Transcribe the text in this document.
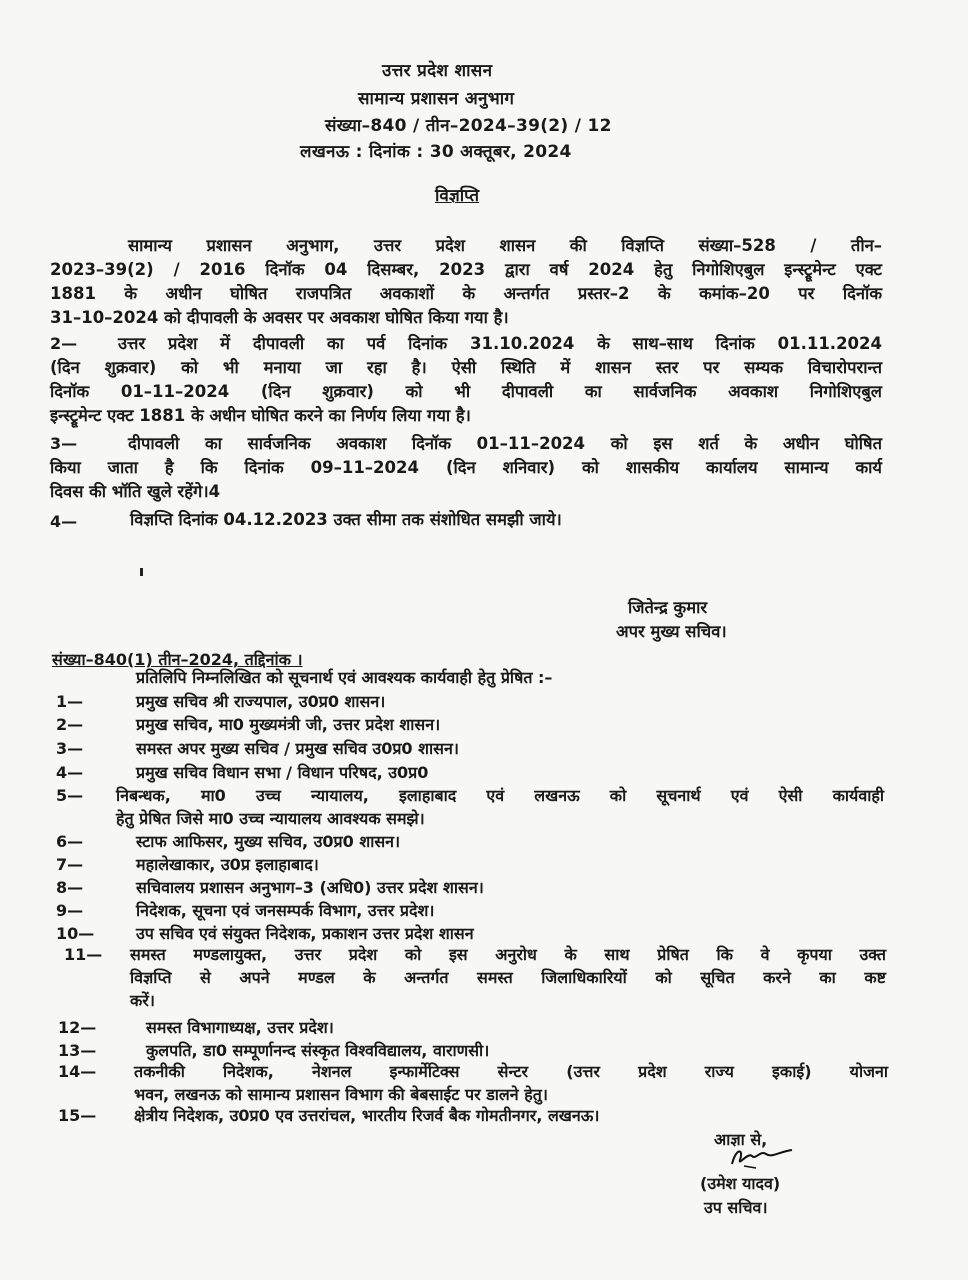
उत्तर प्रदेश शासन
सामान्य प्रशासन अनुभाग
संख्या–840 / तीन–2024–39(2) / 12
लखनऊ : दिनांक : 30 अक्तूबर, 2024
विज्ञप्ति
सामान्य प्रशासन अनुभाग, उत्तर प्रदेश शासन की विज्ञप्ति संख्या–528 / तीन–
2023–39(2) / 2016 दिनॉक 04 दिसम्बर, 2023 द्वारा वर्ष 2024 हेतु निगोशिएबुल इन्स्ट्रूमेन्ट एक्ट
1881 के अधीन घोषित राजपत्रित अवकाशों के अन्तर्गत प्रस्तर–2 के कमांक–20 पर दिनॉक
31–10–2024 को दीपावली के अवसर पर अवकाश घोषित किया गया है।
2— उत्तर प्रदेश में दीपावली का पर्व दिनांक 31.10.2024 के साथ–साथ दिनांक 01.11.2024
(दिन शुक्रवार) को भी मनाया जा रहा है। ऐसी स्थिति में शासन स्तर पर सम्यक विचारोपरान्त
दिनॉक 01–11–2024 (दिन शुक्रवार) को भी दीपावली का सार्वजनिक अवकाश निगोशिएबुल
इन्स्ट्रूमेन्ट एक्ट 1881 के अधीन घोषित करने का निर्णय लिया गया है।
3—	दीपावली का सार्वजनिक अवकाश दिनॉक 01–11–2024 को इस शर्त के अधीन घोषित
किया जाता है कि दिनांक 09–11–2024 (दिन शनिवार) को शासकीय कार्यालय सामान्य कार्य
दिवस की भॉति खुले रहेंगे।4
4—	विज्ञप्ति दिनांक 04.12.2023 उक्त सीमा तक संशोधित समझी जाये।
जितेन्द्र कुमार
अपर मुख्य सचिव।
संख्या–840(1) तीन–2024, तद्दिनांक ।
प्रतिलिपि निम्नलिखित को सूचनार्थ एवं आवश्यक कार्यवाही हेतु प्रेषित :–
1—	प्रमुख सचिव श्री राज्यपाल, उ0प्र0 शासन।
2—	प्रमुख सचिव, मा0 मुख्यमंत्री जी, उत्तर प्रदेश शासन।
3—	समस्त अपर मुख्य सचिव / प्रमुख सचिव उ0प्र0 शासन।
4—	प्रमुख सचिव विधान सभा / विधान परिषद, उ0प्र0
5— निबन्धक, मा0 उच्च न्यायालय, इलाहाबाद एवं लखनऊ को सूचनार्थ एवं ऐसी कार्यवाही
हेतु प्रेषित जिसे मा0 उच्च न्यायालय आवश्यक समझे।
6—	स्टाफ आफिसर, मुख्य सचिव, उ0प्र0 शासन।
7—	महालेखाकार, उ0प्र इलाहाबाद।
8—	सचिवालय प्रशासन अनुभाग–3 (अधि0) उत्तर प्रदेश शासन।
9—	निदेशक, सूचना एवं जनसम्पर्क विभाग, उत्तर प्रदेश।
10—	उप सचिव एवं संयुक्त निदेशक, प्रकाशन उत्तर प्रदेश शासन
11— समस्त मण्डलायुक्त, उत्तर प्रदेश को इस अनुरोध के साथ प्रेषित कि वे कृपया उक्त
विज्ञप्ति से अपने मण्डल के अन्तर्गत समस्त जिलाधिकारियों को सूचित करने का कष्ट
करें।
12—	समस्त विभागाध्यक्ष, उत्तर प्रदेश।
13—	कुलपति, डा0 सम्पूर्णानन्द संस्कृत विश्वविद्यालय, वाराणसी।
14— तकनीकी निदेशक, नेशनल इन्फार्मेटिक्स सेन्टर (उत्तर प्रदेश राज्य इकाई) योजना
भवन, लखनऊ को सामान्य प्रशासन विभाग की बेबसाईट पर डालने हेतु।
15— क्षेत्रीय निदेशक, उ0प्र0 एव उत्तरांचल, भारतीय रिजर्व बैक गोमतीनगर, लखनऊ।
आज्ञा से,
(उमेश यादव)
उप सचिव।
